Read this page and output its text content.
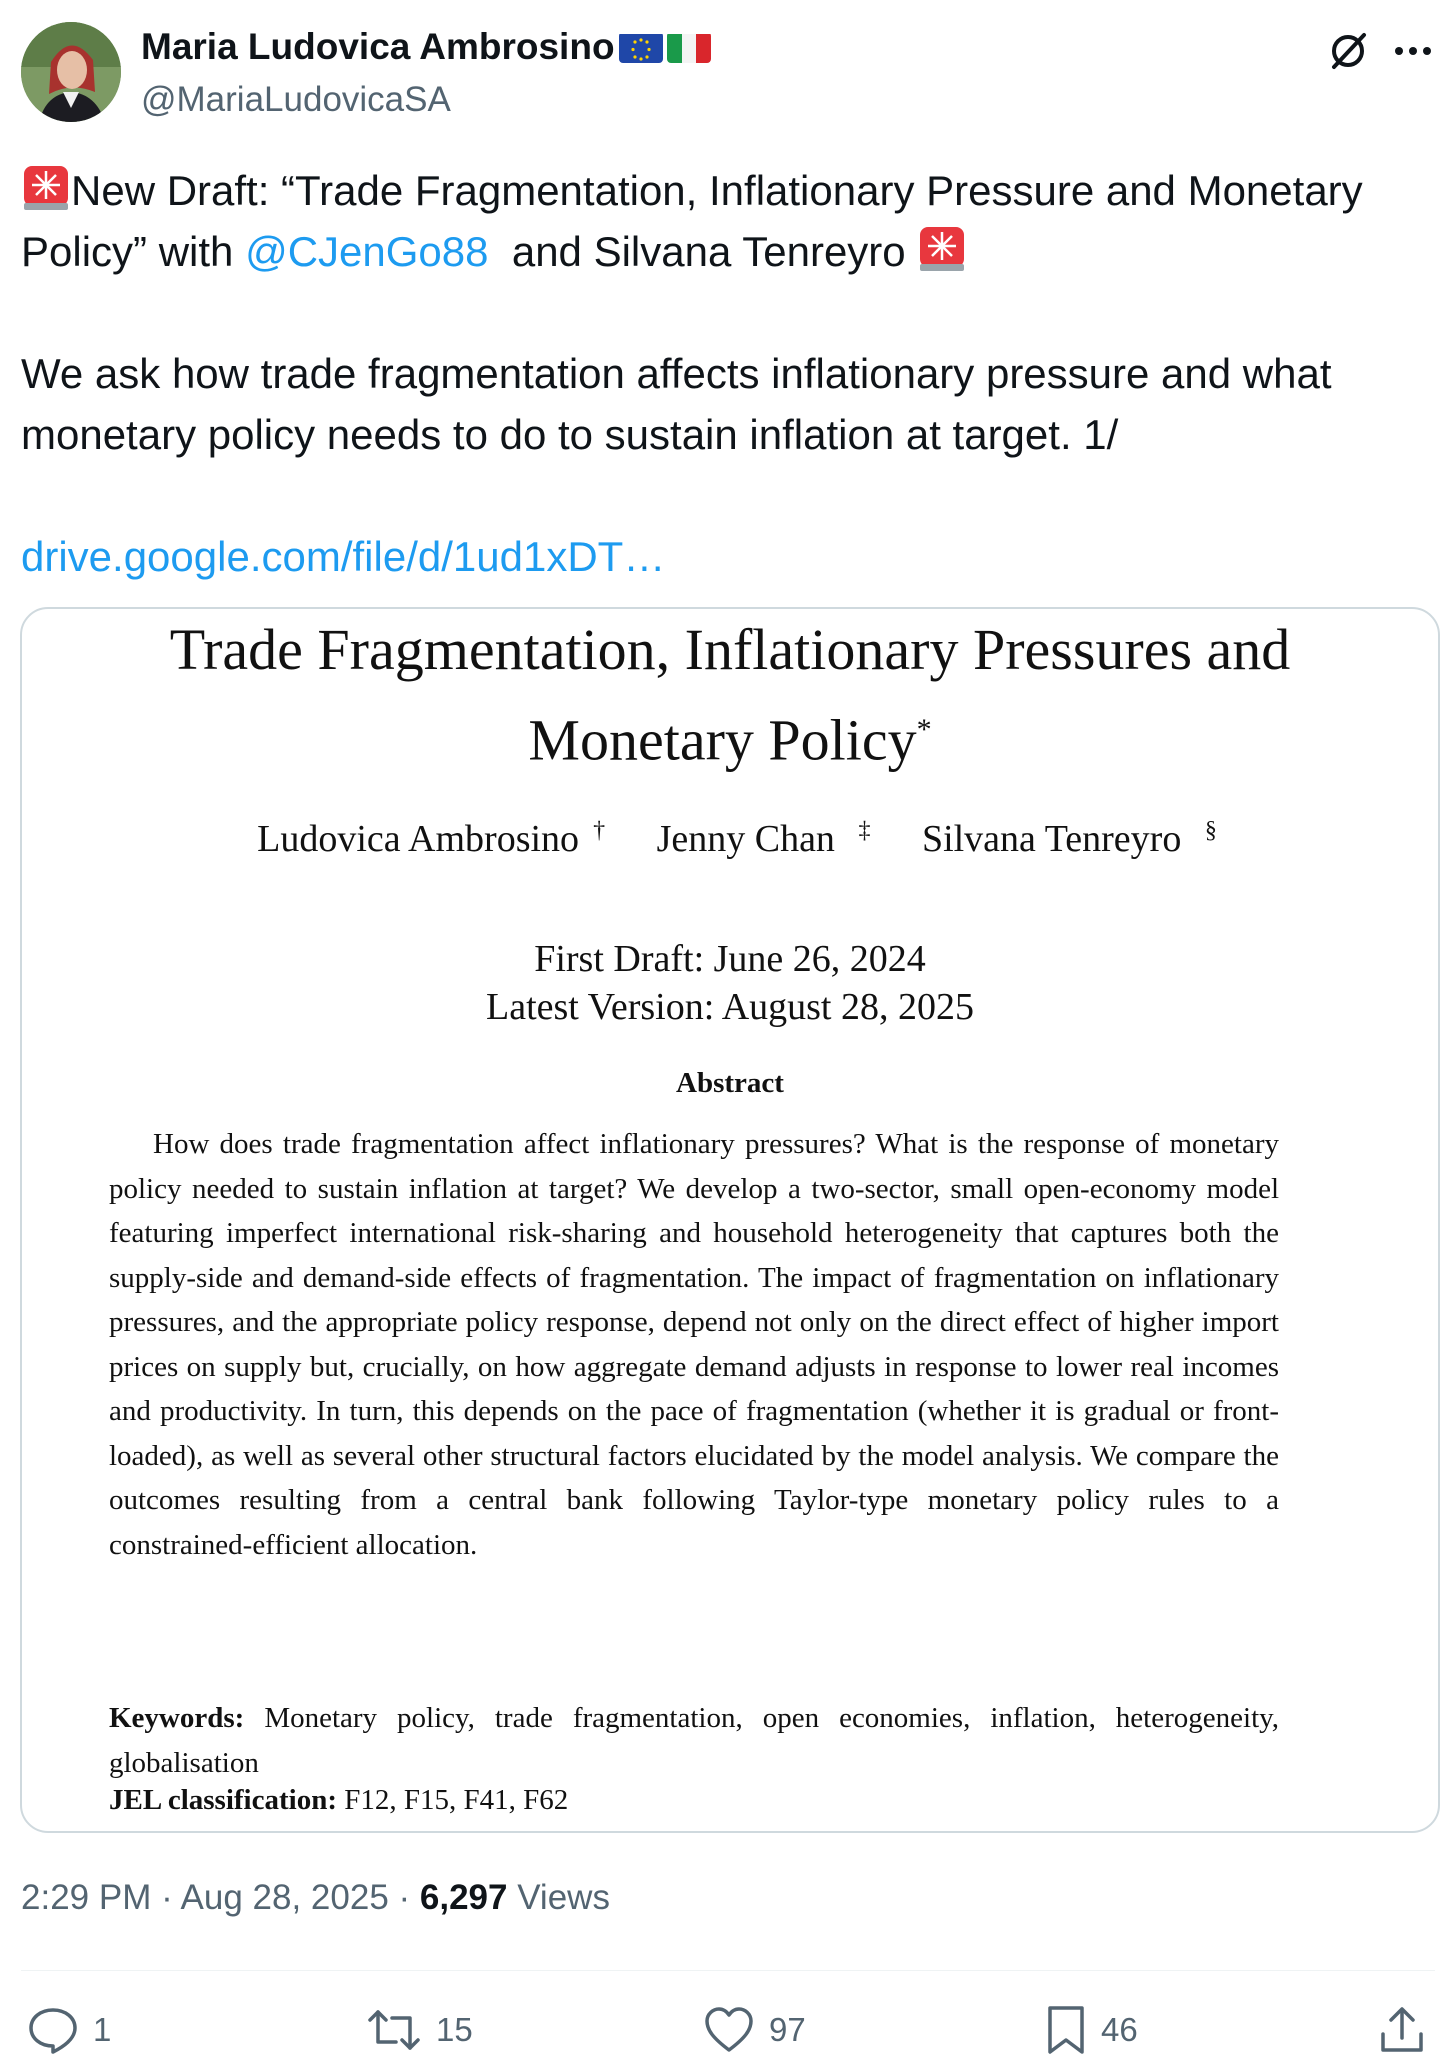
Maria Ludovica Ambrosino
@MariaLudovicaSA

New Draft: “Trade Fragmentation, Inflationary Pressure and Monetary Policy” with @CJenGo88  and Silvana Tenreyro

We ask how trade fragmentation affects inflationary pressure and what monetary policy needs to do to sustain inflation at target. 1/

drive.google.com/file/d/1ud1xDT…

Trade Fragmentation, Inflationary Pressures and
Monetary Policy*
Ludovica Ambrosino † Jenny Chan ‡ Silvana Tenreyro §
First Draft: June 26, 2024
Latest Version: August 28, 2025
Abstract
How does trade fragmentation affect inflationary pressures? What is the response of monetary policy needed to sustain inflation at target? We develop a two-sector, small open-economy model featuring imperfect international risk-sharing and household heterogeneity that captures both the supply-side and demand-side effects of fragmentation. The impact of fragmentation on inflationary pressures, and the appropriate policy response, depend not only on the direct effect of higher import prices on supply but, crucially, on how aggregate demand adjusts in response to lower real incomes and productivity. In turn, this depends on the pace of fragmentation (whether it is gradual or front-loaded), as well as several other structural factors elucidated by the model analysis. We compare the outcomes resulting from a central bank following Taylor-type monetary policy rules to a constrained-efficient allocation.
Keywords: Monetary policy, trade fragmentation, open economies, inflation, heterogeneity, globalisation
JEL classification: F12, F15, F41, F62
2:29 PM · Aug 28, 2025 · 6,297 Views
1	15	97	46
